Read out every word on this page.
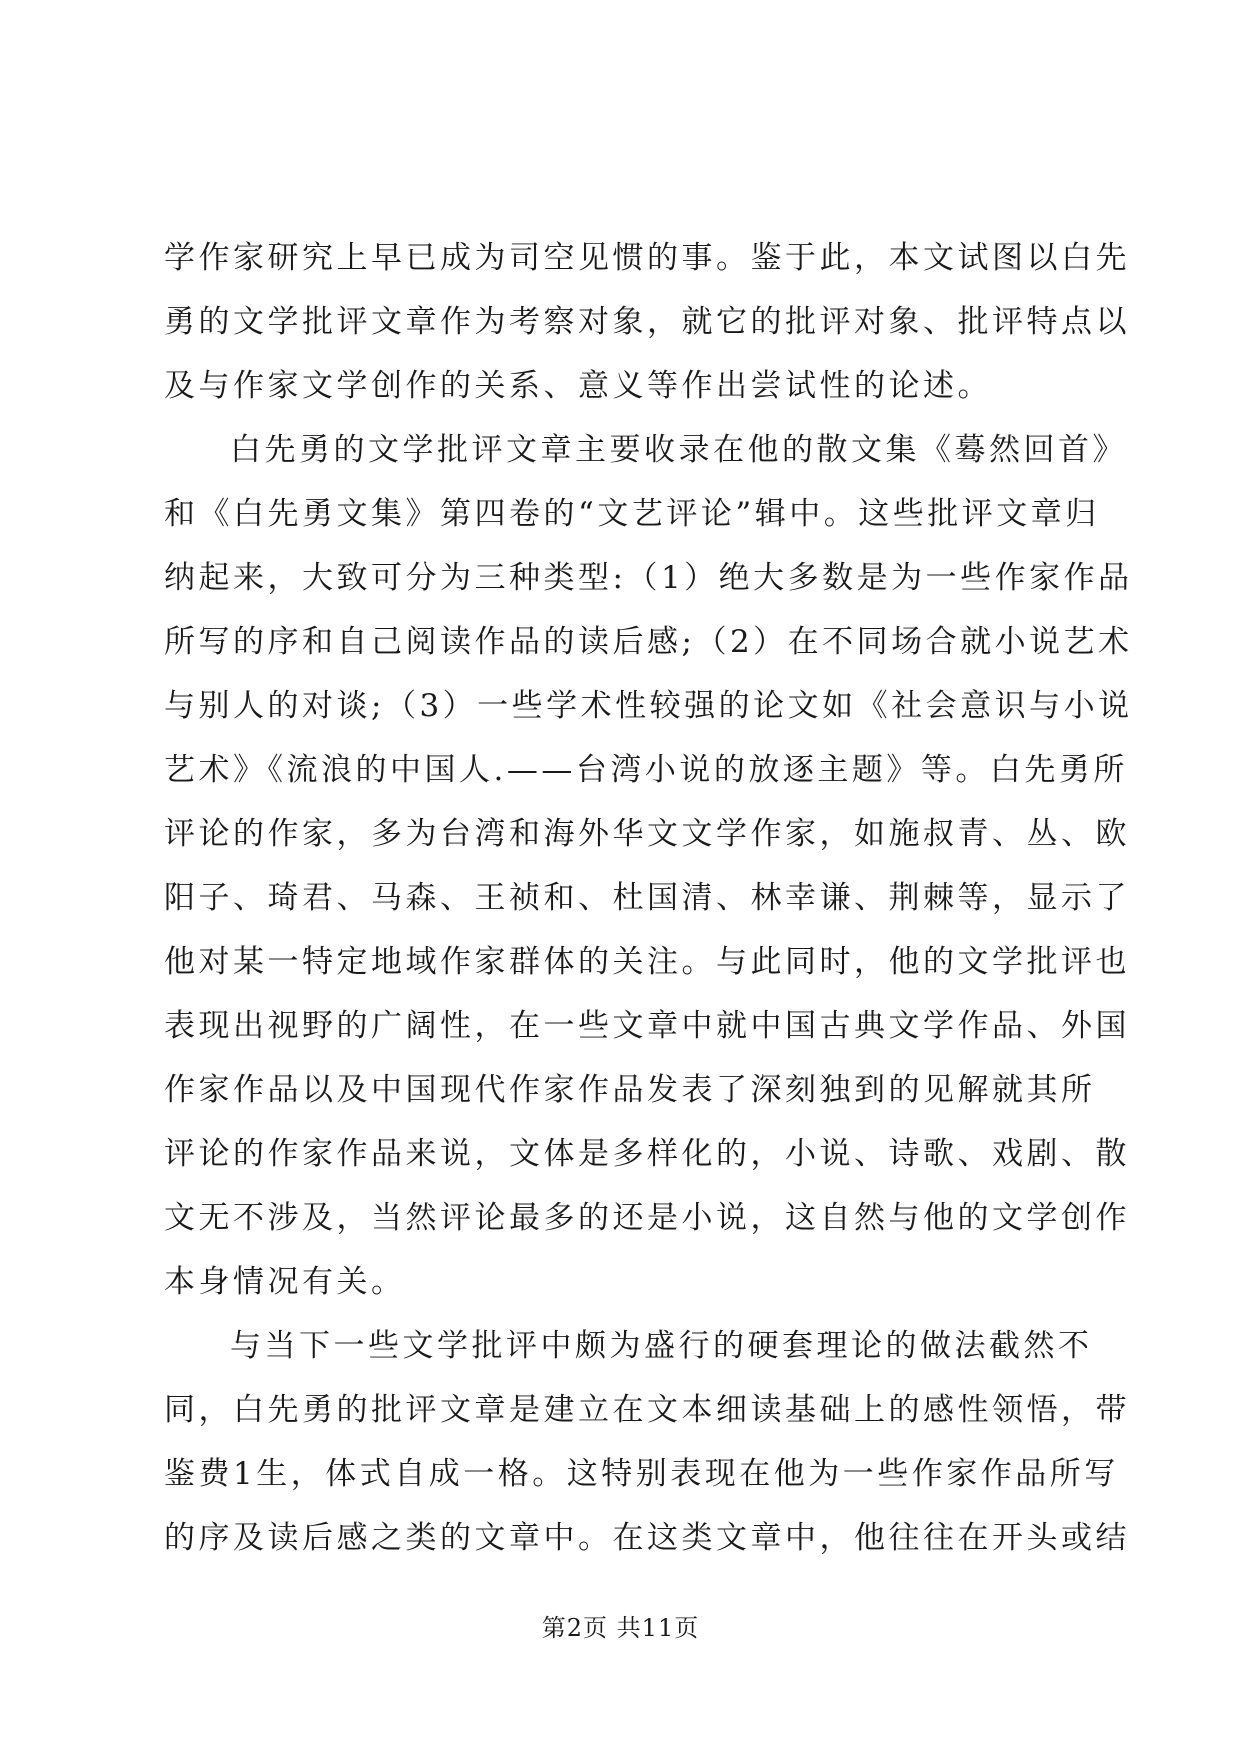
学作家研究上早已成为司空见惯的事。鉴于此，本文试图以白先
勇的文学批评文章作为考察对象，就它的批评对象、批评特点以
及与作家文学创作的关系、意义等作出尝试性的论述。
白先勇的文学批评文章主要收录在他的散文集《蓦然回首》
和《白先勇文集》第四卷的“文艺评论”辑中。这些批评文章归
纳起来，大致可分为三种类型:（1）绝大多数是为一些作家作品
所写的序和自己阅读作品的读后感;（2）在不同场合就小说艺术
与别人的对谈;（3）一些学术性较强的论文如《社会意识与小说
艺术》《流浪的中国人.——台湾小说的放逐主题》等。白先勇所
评论的作家，多为台湾和海外华文文学作家，如施叔青、丛、欧
阳子、琦君、马森、王祯和、杜国清、林幸谦、荆棘等，显示了
他对某一特定地域作家群体的关注。与此同时，他的文学批评也
表现出视野的广阔性，在一些文章中就中国古典文学作品、外国
作家作品以及中国现代作家作品发表了深刻独到的见解就其所
评论的作家作品来说，文体是多样化的，小说、诗歌、戏剧、散
文无不涉及，当然评论最多的还是小说，这自然与他的文学创作
本身情况有关。
与当下一些文学批评中颇为盛行的硬套理论的做法截然不
同，白先勇的批评文章是建立在文本细读基础上的感性领悟，带
鉴费1生，体式自成一格。这特别表现在他为一些作家作品所写
的序及读后感之类的文章中。在这类文章中，他往往在开头或结
第2页 共11页
